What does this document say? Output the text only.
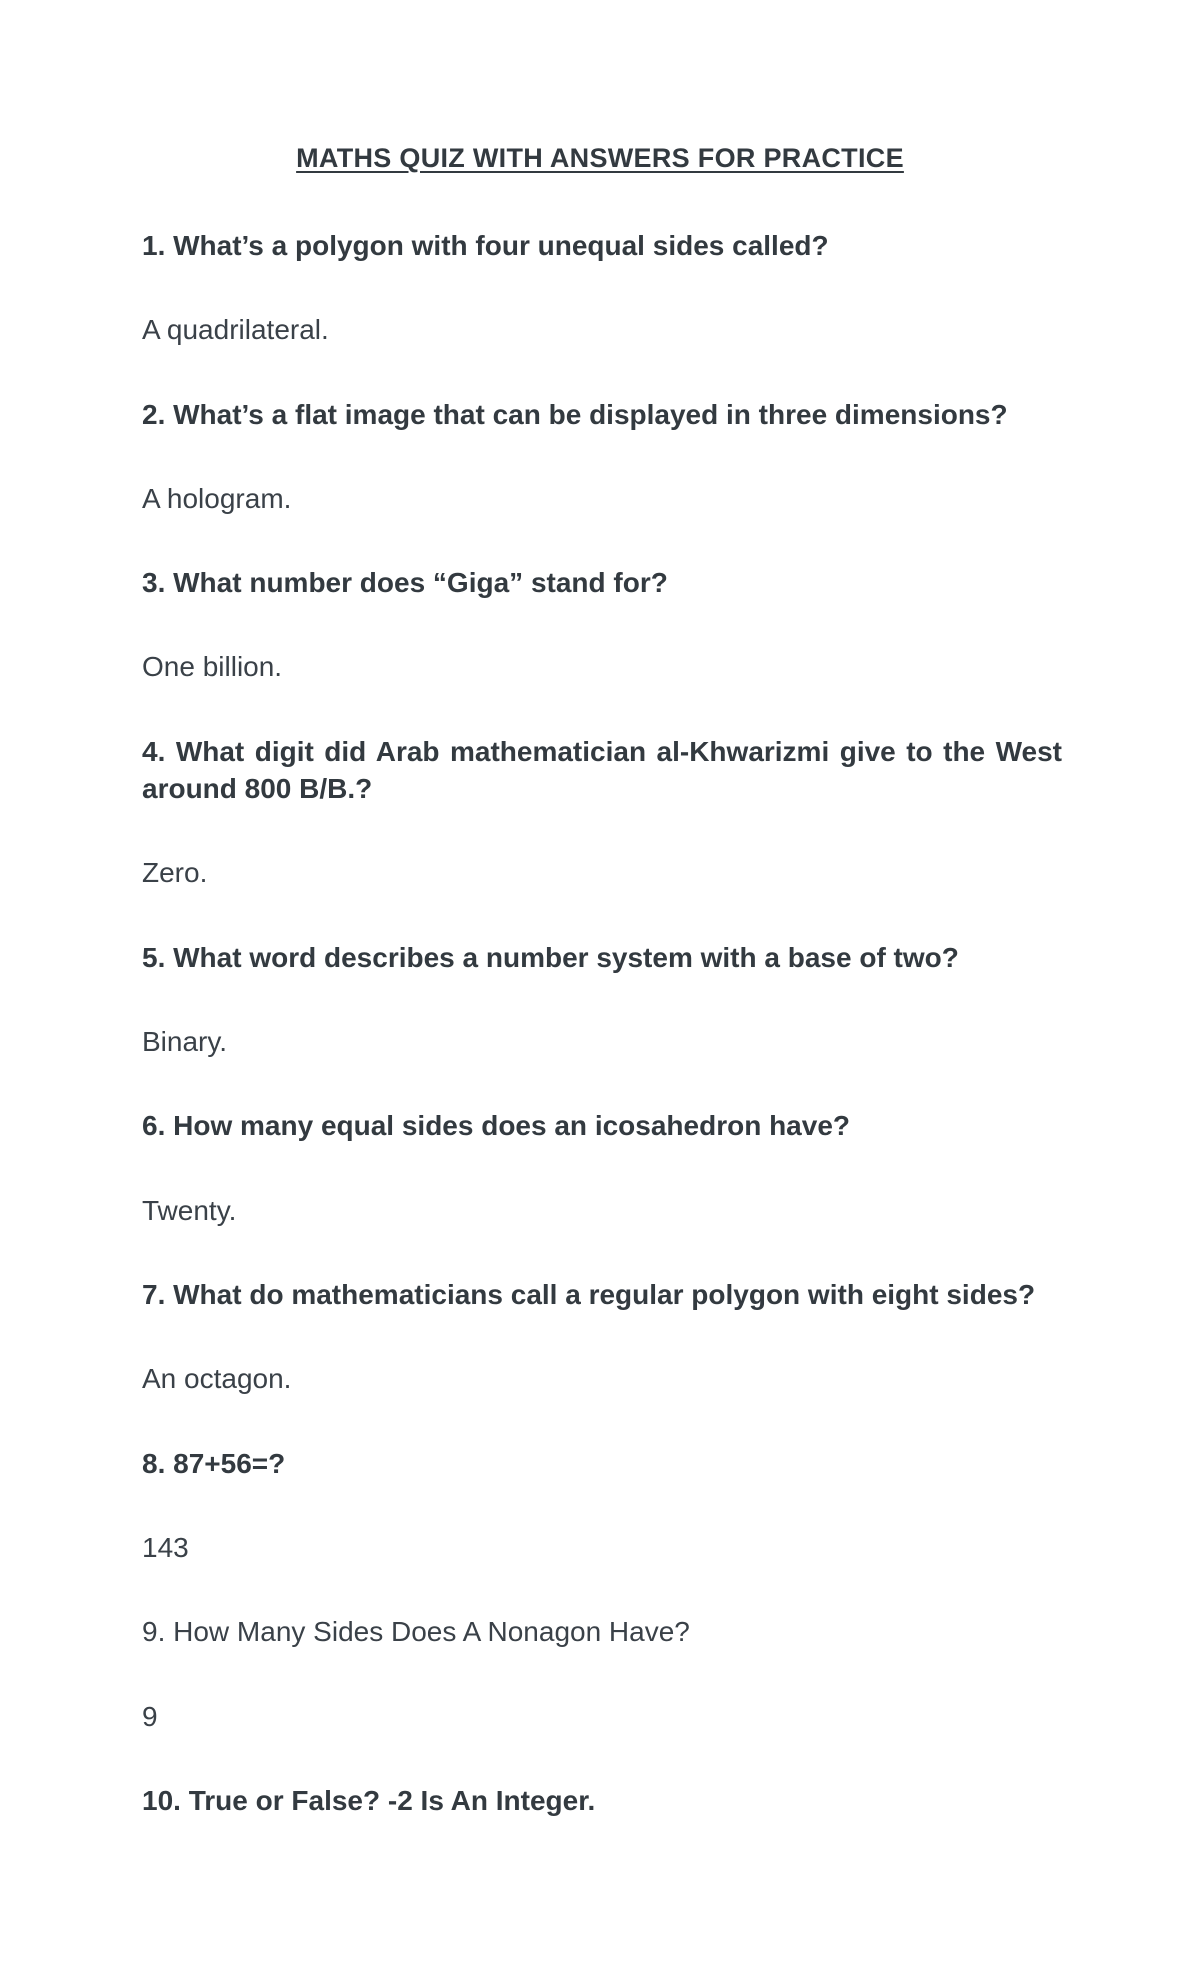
MATHS QUIZ WITH ANSWERS FOR PRACTICE
1. What’s a polygon with four unequal sides called?
A quadrilateral.
2. What’s a flat image that can be displayed in three dimensions?
A hologram.
3. What number does “Giga” stand for?
One billion.
4. What digit did Arab mathematician al-Khwarizmi give to the West around 800 B/B.?
Zero.
5. What word describes a number system with a base of two?
Binary.
6. How many equal sides does an icosahedron have?
Twenty.
7. What do mathematicians call a regular polygon with eight sides?
An octagon.
8. 87+56=?
143
9. How Many Sides Does A Nonagon Have?
9
10. True or False? -2 Is An Integer.
